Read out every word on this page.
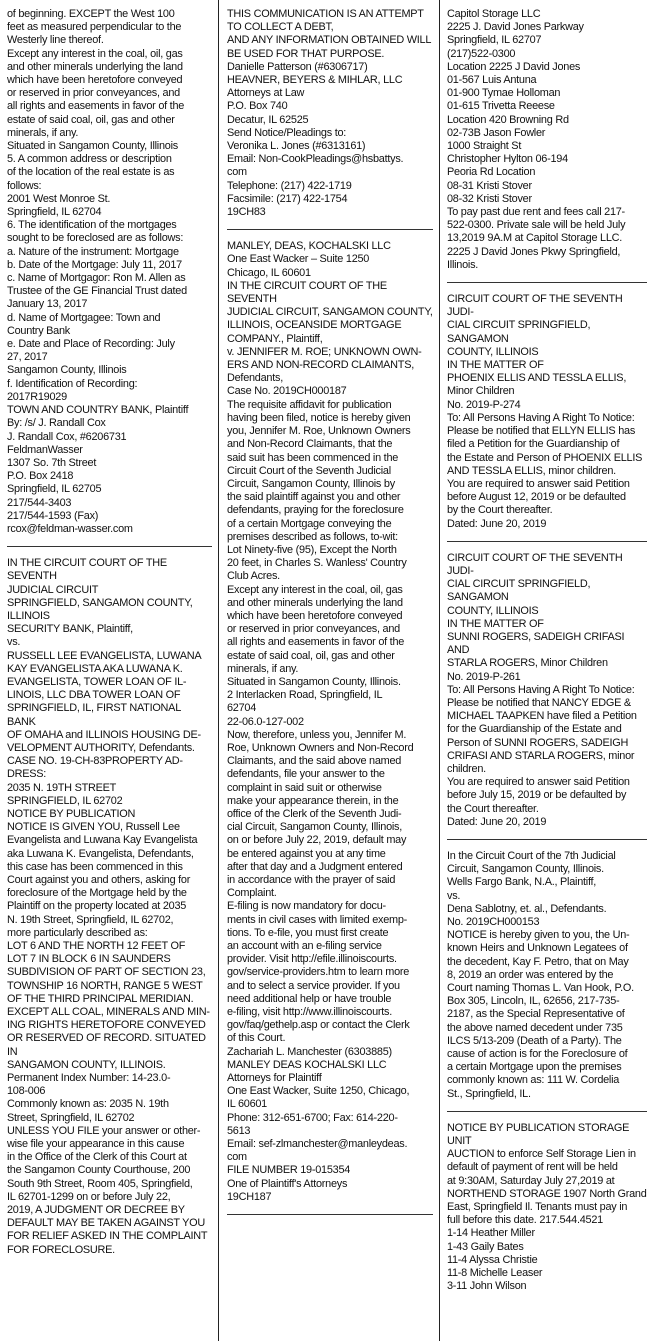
of beginning. EXCEPT the West 100
feet as measured perpendicular to the
Westerly line thereof.
Except any interest in the coal, oil, gas
and other minerals underlying the land
which have been heretofore conveyed
or reserved in prior conveyances, and
all rights and easements in favor of the
estate of said coal, oil, gas and other
minerals, if any.
Situated in Sangamon County, Illinois
5. A common address or description
of the location of the real estate is as
follows:
2001 West Monroe St.
Springfield, IL 62704
6. The identification of the mortgages
sought to be foreclosed are as follows:
a. Nature of the instrument: Mortgage
b. Date of the Mortgage: July 11, 2017
c. Name of Mortgagor: Ron M. Allen as
Trustee of the GE Financial Trust dated
January 13, 2017
d. Name of Mortgagee: Town and
Country Bank
e. Date and Place of Recording: July
27, 2017
Sangamon County, Illinois
f. Identification of Recording:
2017R19029
TOWN AND COUNTRY BANK, Plaintiff
By: /s/ J. Randall Cox
J. Randall Cox, #6206731
FeldmanWasser
1307 So. 7th Street
P.O. Box 2418
Springfield, IL 62705
217/544-3403
217/544-1593 (Fax)
rcox@feldman-wasser.com
IN THE CIRCUIT COURT OF THE SEVENTH
JUDICIAL CIRCUIT
SPRINGFIELD, SANGAMON COUNTY,
ILLINOIS
SECURITY BANK, Plaintiff,
vs.
RUSSELL LEE EVANGELISTA, LUWANA
KAY EVANGELISTA AKA LUWANA K.
EVANGELISTA, TOWER LOAN OF IL-
LINOIS, LLC DBA TOWER LOAN OF
SPRINGFIELD, IL, FIRST NATIONAL BANK
OF OMAHA and ILLINOIS HOUSING DE-
VELOPMENT AUTHORITY, Defendants.
CASE NO. 19-CH-83PROPERTY AD-
DRESS:
2035 N. 19TH STREET
SPRINGFIELD, IL 62702
NOTICE BY PUBLICATION
NOTICE IS GIVEN YOU, Russell Lee
Evangelista and Luwana Kay Evangelista
aka Luwana K. Evangelista, Defendants,
this case has been commenced in this
Court against you and others, asking for
foreclosure of the Mortgage held by the
Plaintiff on the property located at 2035
N. 19th Street, Springfield, IL 62702,
more particularly described as:
LOT 6 AND THE NORTH 12 FEET OF
LOT 7 IN BLOCK 6 IN SAUNDERS
SUBDIVISION OF PART OF SECTION 23,
TOWNSHIP 16 NORTH, RANGE 5 WEST
OF THE THIRD PRINCIPAL MERIDIAN.
EXCEPT ALL COAL, MINERALS AND MIN-
ING RIGHTS HERETOFORE CONVEYED
OR RESERVED OF RECORD. SITUATED IN
SANGAMON COUNTY, ILLINOIS.
Permanent Index Number: 14-23.0-
108-006
Commonly known as: 2035 N. 19th
Street, Springfield, IL 62702
UNLESS YOU FILE your answer or other-
wise file your appearance in this cause
in the Office of the Clerk of this Court at
the Sangamon County Courthouse, 200
South 9th Street, Room 405, Springfield,
IL 62701-1299 on or before July 22,
2019, A JUDGMENT OR DECREE BY
DEFAULT MAY BE TAKEN AGAINST YOU
FOR RELIEF ASKED IN THE COMPLAINT
FOR FORECLOSURE.
THIS COMMUNICATION IS AN ATTEMPT
TO COLLECT A DEBT,
AND ANY INFORMATION OBTAINED WILL
BE USED FOR THAT PURPOSE.
Danielle Patterson (#6306717)
HEAVNER, BEYERS & MIHLAR, LLC
Attorneys at Law
P.O. Box 740
Decatur, IL 62525
Send Notice/Pleadings to:
Veronika L. Jones (#6313161)
Email: Non-CookPleadings@hsbattys.
com
Telephone: (217) 422-1719
Facsimile: (217) 422-1754
19CH83
MANLEY, DEAS, KOCHALSKI LLC
One East Wacker – Suite 1250
Chicago, IL 60601
IN THE CIRCUIT COURT OF THE SEVENTH
JUDICIAL CIRCUIT, SANGAMON COUNTY,
ILLINOIS, OCEANSIDE MORTGAGE
COMPANY., Plaintiff,
v. JENNIFER M. ROE; UNKNOWN OWN-
ERS AND NON-RECORD CLAIMANTS,
Defendants,
Case No. 2019CH000187
The requisite affidavit for publication
having been filed, notice is hereby given
you, Jennifer M. Roe, Unknown Owners
and Non-Record Claimants, that the
said suit has been commenced in the
Circuit Court of the Seventh Judicial
Circuit, Sangamon County, Illinois by
the said plaintiff against you and other
defendants, praying for the foreclosure
of a certain Mortgage conveying the
premises described as follows, to-wit:
Lot Ninety-five (95), Except the North
20 feet, in Charles S. Wanless' Country
Club Acres.
Except any interest in the coal, oil, gas
and other minerals underlying the land
which have been heretofore conveyed
or reserved in prior conveyances, and
all rights and easements in favor of the
estate of said coal, oil, gas and other
minerals, if any.
Situated in Sangamon County, Illinois.
2 Interlacken Road, Springfield, IL
62704
22-06.0-127-002
Now, therefore, unless you, Jennifer M.
Roe, Unknown Owners and Non-Record
Claimants, and the said above named
defendants, file your answer to the
complaint in said suit or otherwise
make your appearance therein, in the
office of the Clerk of the Seventh Judi-
cial Circuit, Sangamon County, Illinois,
on or before July 22, 2019, default may
be entered against you at any time
after that day and a Judgment entered
in accordance with the prayer of said
Complaint.
E-filing is now mandatory for docu-
ments in civil cases with limited exemp-
tions. To e-file, you must first create
an account with an e-filing service
provider. Visit http://efile.illinoiscourts.
gov/service-providers.htm to learn more
and to select a service provider. If you
need additional help or have trouble
e-filing, visit http://www.illinoiscourts.
gov/faq/gethelp.asp or contact the Clerk
of this Court.
Zachariah L. Manchester (6303885)
MANLEY DEAS KOCHALSKI LLC
Attorneys for Plaintiff
One East Wacker, Suite 1250, Chicago,
IL 60601
Phone: 312-651-6700; Fax: 614-220-
5613
Email: sef-zlmanchester@manleydeas.
com
FILE NUMBER 19-015354
One of Plaintiff's Attorneys
19CH187
Capitol Storage LLC
2225 J. David Jones Parkway
Springfield, IL 62707
(217)522-0300
Location 2225 J David Jones
01-567 Luis Antuna
01-900 Tymae Holloman
01-615 Trivetta Reeese
Location 420 Browning Rd
02-73B Jason Fowler
1000 Straight St
Christopher Hylton 06-194
Peoria Rd Location
08-31 Kristi Stover
08-32 Kristi Stover
To pay past due rent and fees call 217-
522-0300. Private sale will be held July
13,2019 9A.M at Capitol Storage LLC.
2225 J David Jones Pkwy Springfield,
Illinois.
CIRCUIT COURT OF THE SEVENTH JUDI-
CIAL CIRCUIT SPRINGFIELD, SANGAMON
COUNTY, ILLINOIS
IN THE MATTER OF
PHOENIX ELLIS AND TESSLA ELLIS,
Minor Children
No. 2019-P-274
To: All Persons Having A Right To Notice:
Please be notified that ELLYN ELLIS has
filed a Petition for the Guardianship of
the Estate and Person of PHOENIX ELLIS
AND TESSLA ELLIS, minor children.
You are required to answer said Petition
before August 12, 2019 or be defaulted
by the Court thereafter.
Dated: June 20, 2019
CIRCUIT COURT OF THE SEVENTH JUDI-
CIAL CIRCUIT SPRINGFIELD, SANGAMON
COUNTY, ILLINOIS
IN THE MATTER OF
SUNNI ROGERS, SADEIGH CRIFASI AND
STARLA ROGERS, Minor Children
No. 2019-P-261
To: All Persons Having A Right To Notice:
Please be notified that NANCY EDGE &
MICHAEL TAAPKEN have filed a Petition
for the Guardianship of the Estate and
Person of SUNNI ROGERS, SADEIGH
CRIFASI AND STARLA ROGERS, minor
children.
You are required to answer said Petition
before July 15, 2019 or be defaulted by
the Court thereafter.
Dated: June 20, 2019
In the Circuit Court of the 7th Judicial
Circuit, Sangamon County, Illinois.
Wells Fargo Bank, N.A., Plaintiff,
vs.
Dena Sablotny, et. al., Defendants.
No. 2019CH000153
NOTICE is hereby given to you, the Un-
known Heirs and Unknown Legatees of
the decedent, Kay F. Petro, that on May
8, 2019 an order was entered by the
Court naming Thomas L. Van Hook, P.O.
Box 305, Lincoln, IL, 62656, 217-735-
2187, as the Special Representative of
the above named decedent under 735
ILCS 5/13-209 (Death of a Party). The
cause of action is for the Foreclosure of
a certain Mortgage upon the premises
commonly known as: 111 W. Cordelia
St., Springfield, IL.
NOTICE BY PUBLICATION STORAGE UNIT
AUCTION to enforce Self Storage Lien in
default of payment of rent will be held
at 9:30AM, Saturday July 27,2019 at
NORTHEND STORAGE 1907 North Grand
East, Springfield Il. Tenants must pay in
full before this date. 217.544.4521
1-14 Heather Miller
1-43 Gaily Bates
11-4 Alyssa Christie
11-8 Michelle Leaser
3-11 John Wilson
